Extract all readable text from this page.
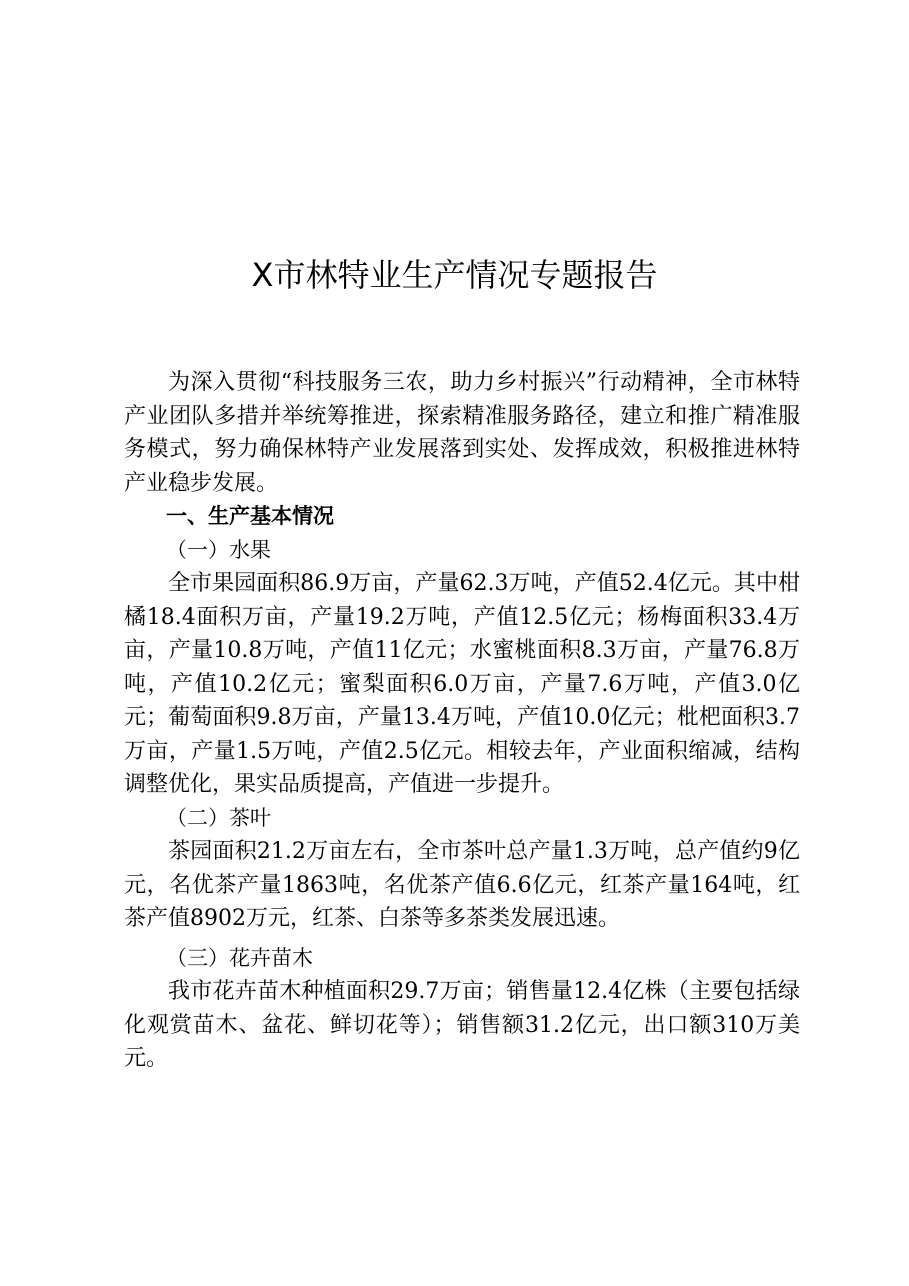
X市林特业生产情况专题报告

为深入贯彻“科技服务三农，助力乡村振兴”行动精神，全市林特产业团队多措并举统筹推进，探索精准服务路径，建立和推广精准服务模式，努力确保林特产业发展落到实处、发挥成效，积极推进林特产业稳步发展。

一、生产基本情况

（一）水果

全市果园面积86.9万亩，产量62.3万吨，产值52.4亿元。其中柑橘18.4面积万亩，产量19.2万吨，产值12.5亿元；杨梅面积33.4万亩，产量10.8万吨，产值11亿元；水蜜桃面积8.3万亩，产量76.8万吨，产值10.2亿元；蜜梨面积6.0万亩，产量7.6万吨，产值3.0亿元；葡萄面积9.8万亩，产量13.4万吨，产值10.0亿元；枇杷面积3.7万亩，产量1.5万吨，产值2.5亿元。相较去年，产业面积缩减，结构调整优化，果实品质提高，产值进一步提升。

（二）茶叶

茶园面积21.2万亩左右，全市茶叶总产量1.3万吨，总产值约9亿元，名优茶产量1863吨，名优茶产值6.6亿元，红茶产量164吨，红茶产值8902万元，红茶、白茶等多茶类发展迅速。

（三）花卉苗木

我市花卉苗木种植面积29.7万亩；销售量12.4亿株（主要包括绿化观赏苗木、盆花、鲜切花等）；销售额31.2亿元，出口额310万美元。
